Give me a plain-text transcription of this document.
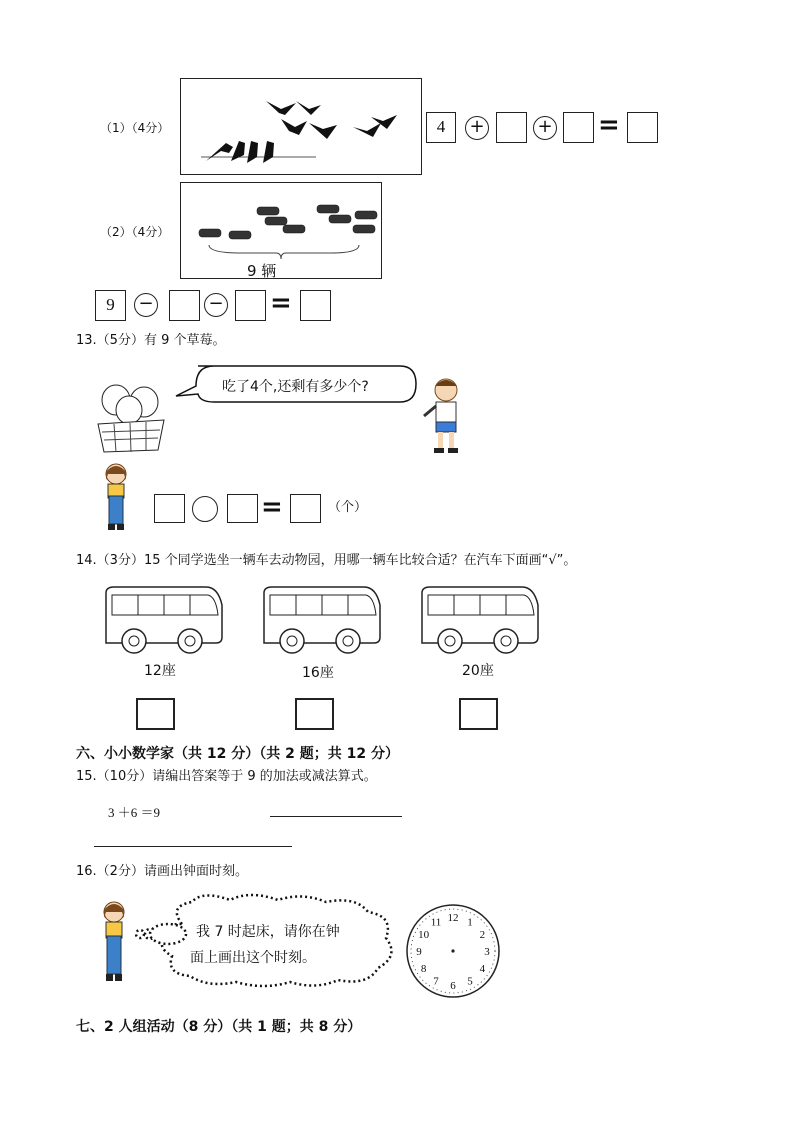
（1）（4分）	4	+	+ =
（2）（4分）
9 辆
9	−	− =
13.（5分）有 9 个草莓。
吃了4个,还剩有多少个?
=	（个）
14.（3分）15 个同学选坐一辆车去动物园，用哪一辆车比较合适？在汽车下面画“√”。
12座	16座	20座
六、小小数学家（共 12 分）（共 2 题；共 12 分）
15.（10分）请编出答案等于 9 的加法或减法算式。
3 ＋6 ＝9
16.（2分）请画出钟面时刻。
我 7 时起床，请你在钟
面上画出这个时刻。
12 1
2
3
4
5
6
7
8
9
10
11
七、2 人组活动（8 分）（共 1 题；共 8 分）
